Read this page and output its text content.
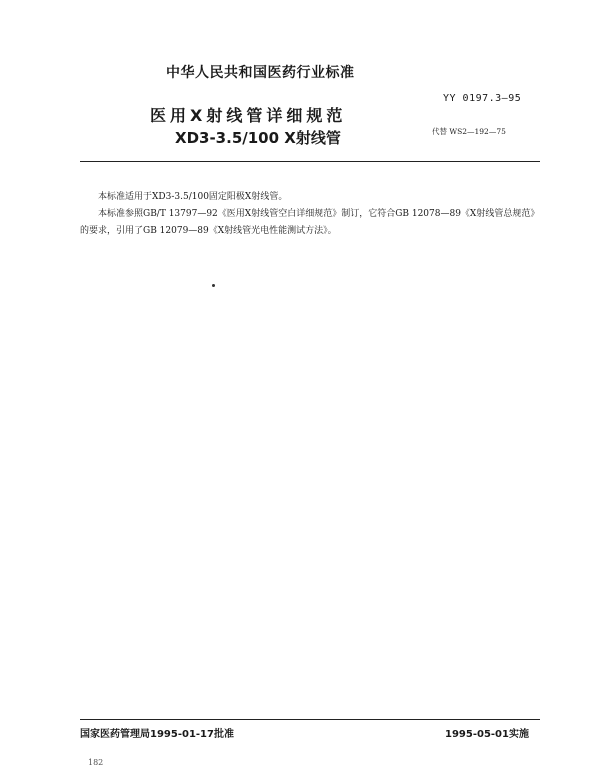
中华人民共和国医药行业标准
YY 0197.3—95
医用X射线管详细规范
XD3-3.5/100 X射线管	代替 WS2—192—75

本标准适用于XD3-3.5/100固定阳极X射线管。

本标准参照GB/T 13797—92《医用X射线管空白详细规范》制订，它符合GB 12078—89《X射线管总规范》的要求，引用了GB 12079—89《X射线管光电性能测试方法》。

国家医药管理局1995-01-17批准	1995-05-01实施
182
